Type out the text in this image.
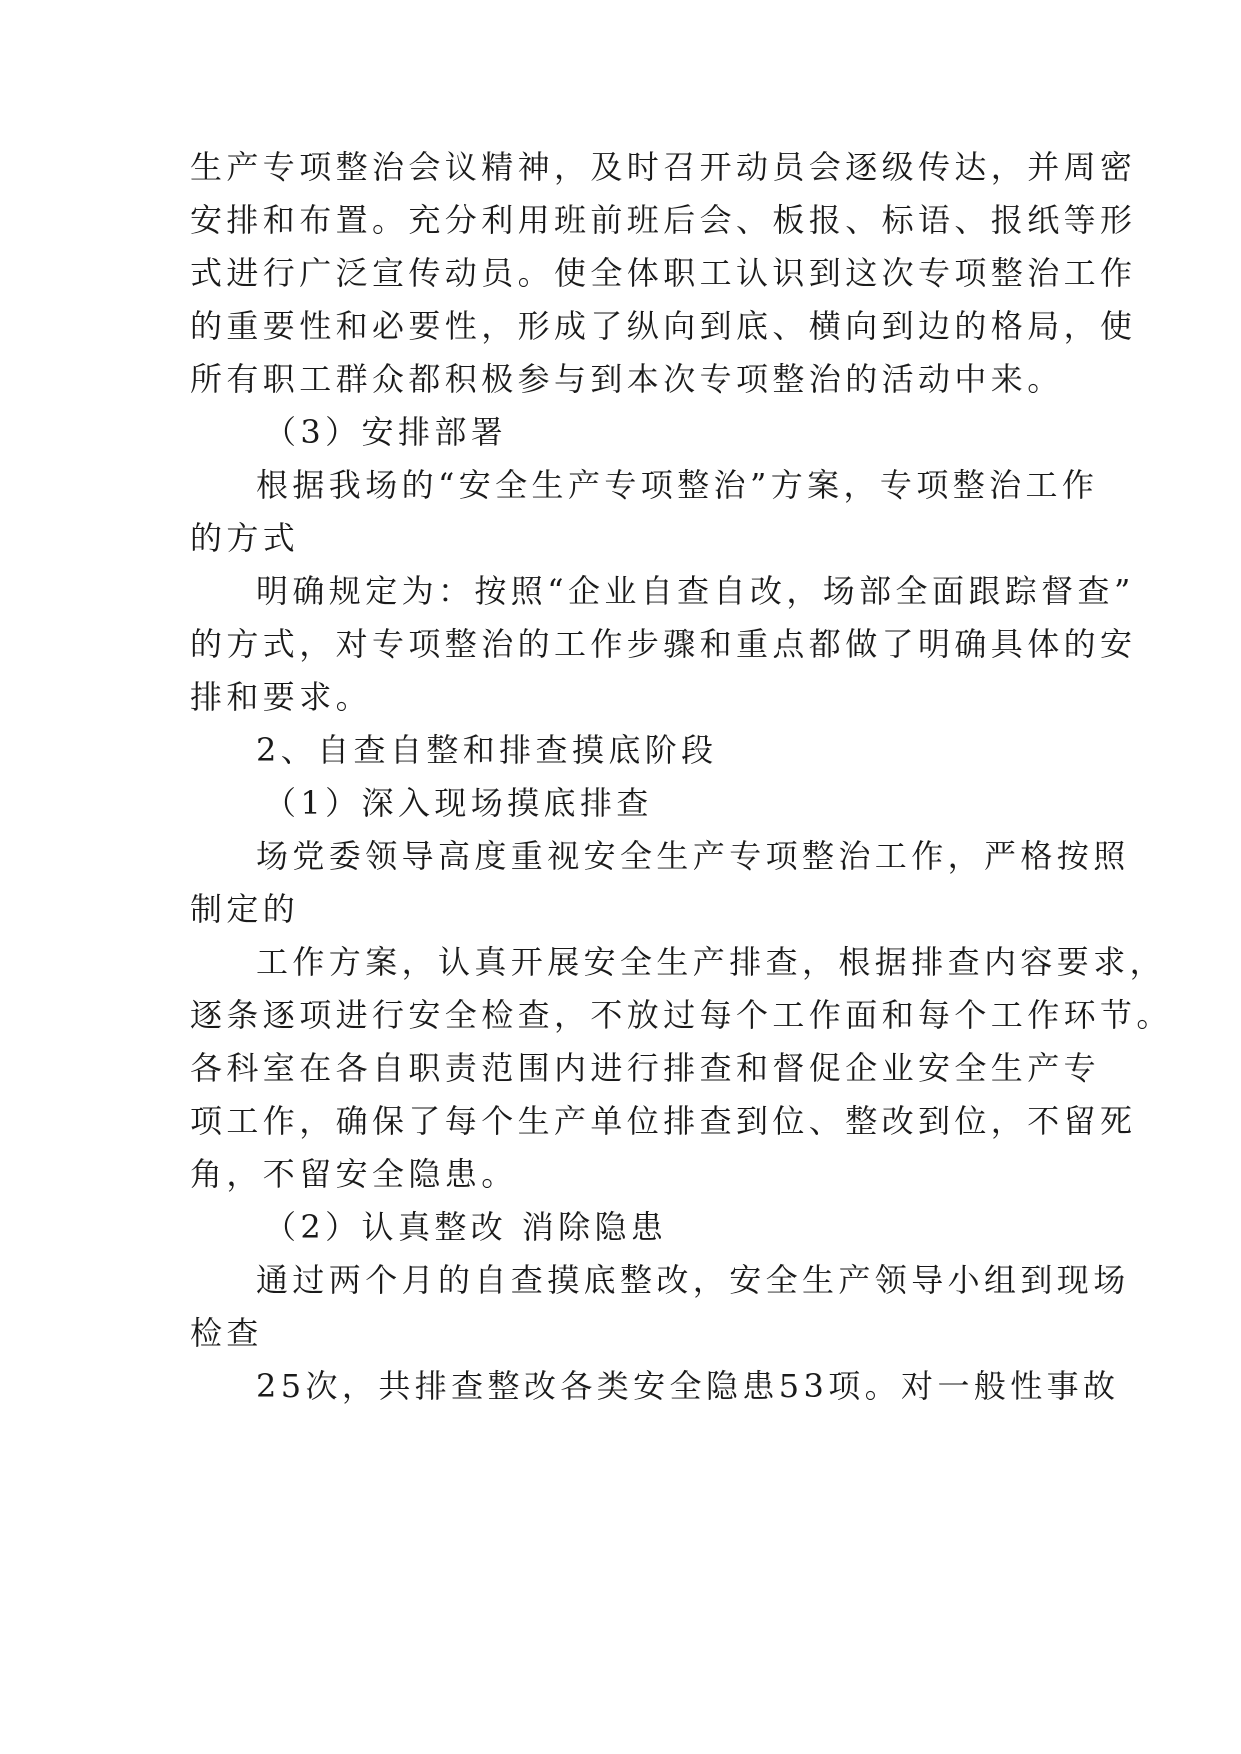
生产专项整治会议精神，及时召开动员会逐级传达，并周密
安排和布置。充分利用班前班后会、板报、标语、报纸等形
式进行广泛宣传动员。使全体职工认识到这次专项整治工作
的重要性和必要性，形成了纵向到底、横向到边的格局，使
所有职工群众都积极参与到本次专项整治的活动中来。
（3）安排部署
根据我场的“安全生产专项整治”方案，专项整治工作
的方式
明确规定为：按照“企业自查自改，场部全面跟踪督查”
的方式，对专项整治的工作步骤和重点都做了明确具体的安
排和要求。
2、自查自整和排查摸底阶段
（1）深入现场摸底排查
场党委领导高度重视安全生产专项整治工作，严格按照
制定的
工作方案，认真开展安全生产排查，根据排查内容要求，
逐条逐项进行安全检查，不放过每个工作面和每个工作环节。
各科室在各自职责范围内进行排查和督促企业安全生产专
项工作，确保了每个生产单位排查到位、整改到位，不留死
角，不留安全隐患。
（2）认真整改 消除隐患
通过两个月的自查摸底整改，安全生产领导小组到现场
检查
25次，共排查整改各类安全隐患53项。对一般性事故
